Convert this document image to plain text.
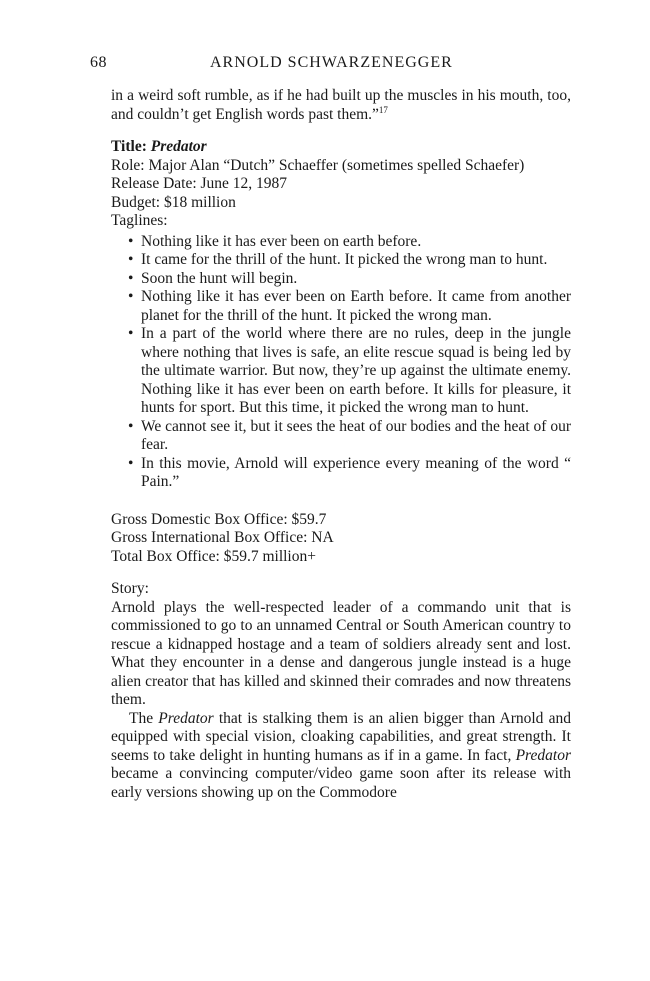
68	ARNOLD SCHWARZENEGGER

in a weird soft rumble, as if he had built up the muscles in his mouth, too, and couldn’t get English words past them.”$^{17}$

Title: Predator

Role: Major Alan “Dutch” Schaeffer (sometimes spelled Schaefer)

Release Date: June 12, 1987

Budget: $18 million

Taglines:

• Nothing like it has ever been on earth before.
• It came for the thrill of the hunt. It picked the wrong man to hunt.
• Soon the hunt will begin.
• Nothing like it has ever been on Earth before. It came from another planet for the thrill of the hunt. It picked the wrong man.
• In a part of the world where there are no rules, deep in the jungle where nothing that lives is safe, an elite rescue squad is being led by the ultimate warrior. But now, they’re up against the ultimate enemy. Nothing like it has ever been on earth before. It kills for pleasure, it hunts for sport. But this time, it picked the wrong man to hunt.
• We cannot see it, but it sees the heat of our bodies and the heat of our fear.
• In this movie, Arnold will experience every meaning of the word “ Pain.”

Gross Domestic Box Office: $59.7

Gross International Box Office: NA

Total Box Office: $59.7 million+

Story:

Arnold plays the well-respected leader of a commando unit that is commissioned to go to an unnamed Central or South American country to rescue a kidnapped hostage and a team of soldiers already sent and lost. What they encounter in a dense and dangerous jungle instead is a huge alien creator that has killed and skinned their comrades and now threatens them.

The Predator that is stalking them is an alien bigger than Arnold and equipped with special vision, cloaking capabilities, and great strength. It seems to take delight in hunting humans as if in a game. In fact, Predator became a convincing computer/video game soon after its release with early versions showing up on the Commodore
